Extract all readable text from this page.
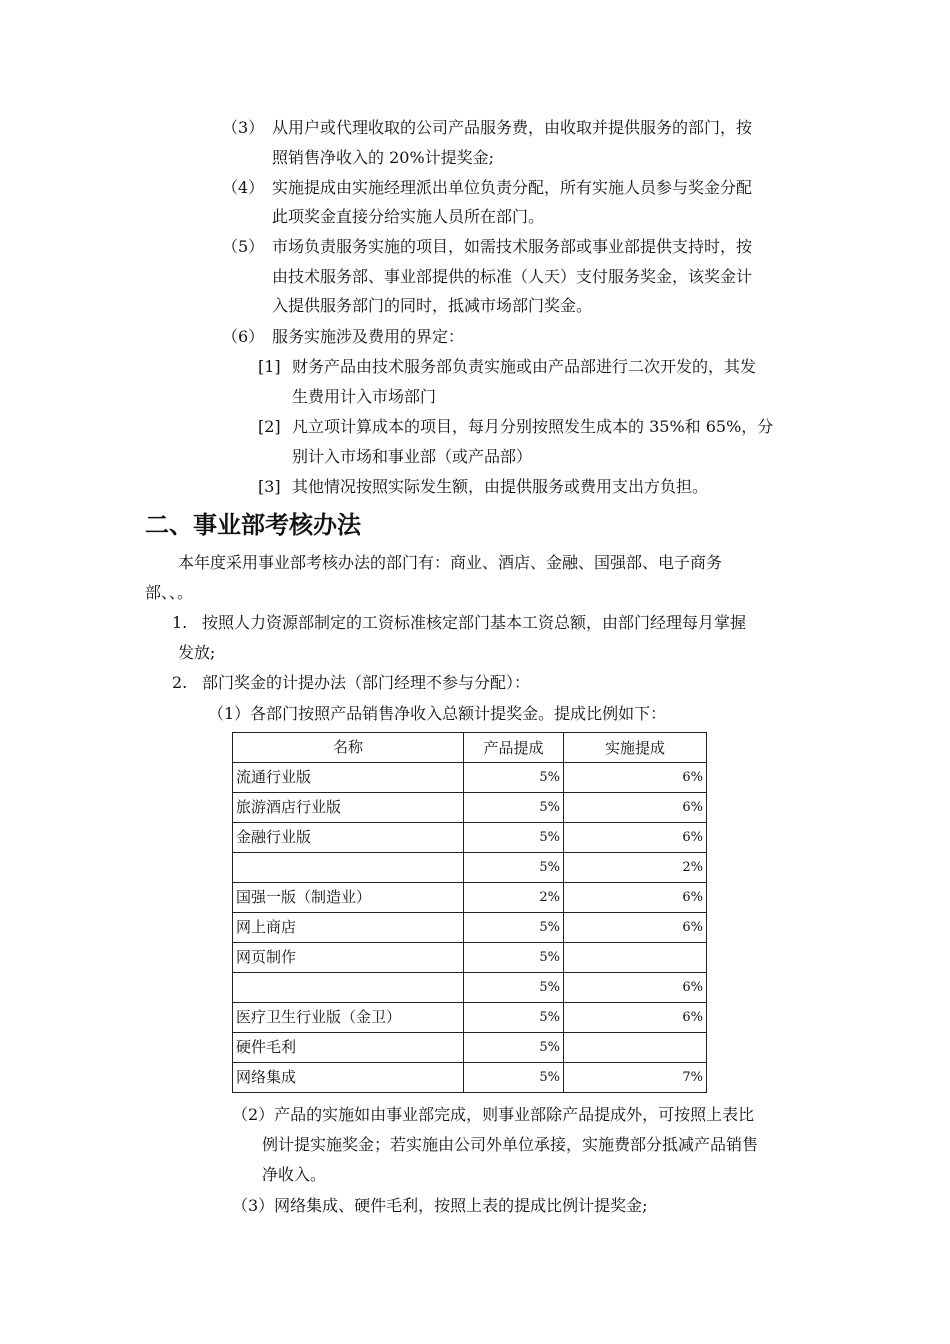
（3） 从用户或代理收取的公司产品服务费，由收取并提供服务的部门，按
照销售净收入的 20%计提奖金;
（4） 实施提成由实施经理派出单位负责分配，所有实施人员参与奖金分配
此项奖金直接分给实施人员所在部门。
（5） 市场负责服务实施的项目，如需技术服务部或事业部提供支持时，按
由技术服务部、事业部提供的标准（人天）支付服务奖金，该奖金计
入提供服务部门的同时，抵减市场部门奖金。
（6） 服务实施涉及费用的界定：
[1] 财务产品由技术服务部负责实施或由产品部进行二次开发的，其发
生费用计入市场部门
[2] 凡立项计算成本的项目，每月分别按照发生成本的 35%和 65%，分
别计入市场和事业部（或产品部）
[3] 其他情况按照实际发生额，由提供服务或费用支出方负担。
二、事业部考核办法
本年度采用事业部考核办法的部门有：商业、酒店、金融、国强部、电子商务
部、、。
1. 按照人力资源部制定的工资标准核定部门基本工资总额，由部门经理每月掌握
发放;
2. 部门奖金的计提办法（部门经理不参与分配）：
（1）各部门按照产品销售净收入总额计提奖金。提成比例如下：
名称	产品提成	实施提成
流通行业版	5%	6%
旅游酒店行业版	5%	6%
金融行业版	5%	6%
	5%	2%
国强一版（制造业）	2%	6%
网上商店	5%	6%
网页制作	5%	
	5%	6%
医疗卫生行业版（金卫）	5%	6%
硬件毛利	5%	
网络集成	5%	7%
（2）产品的实施如由事业部完成，则事业部除产品提成外，可按照上表比
例计提实施奖金；若实施由公司外单位承接，实施费部分抵减产品销售
净收入。
（3）网络集成、硬件毛利，按照上表的提成比例计提奖金;
